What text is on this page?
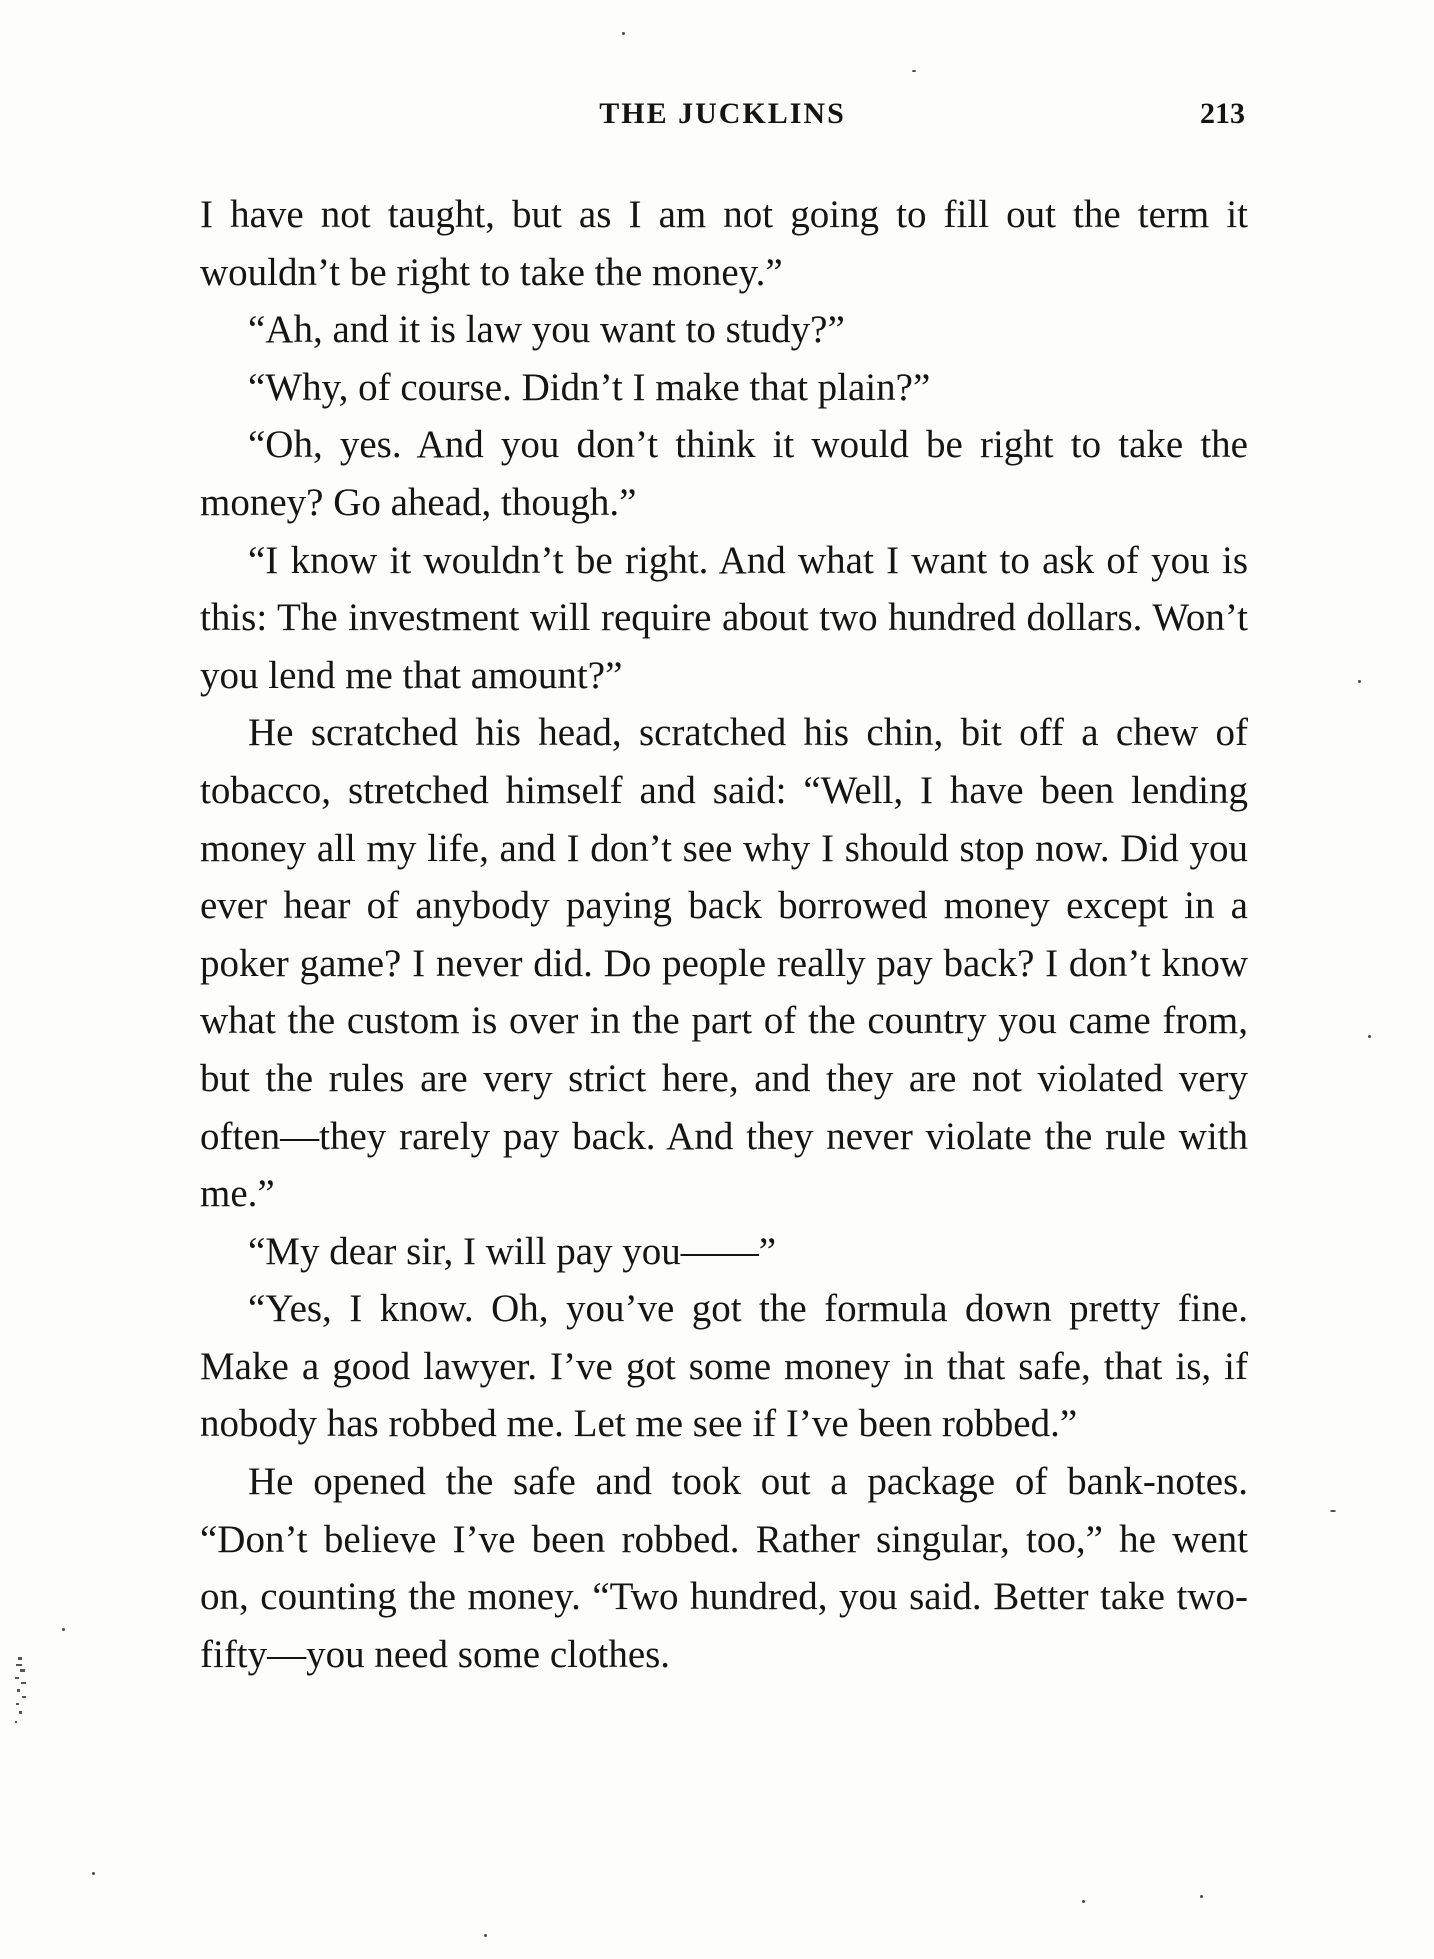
THE JUCKLINS	213

I have not taught, but as I am not going to fill out the term it wouldn’t be right to take the money.”

“Ah, and it is law you want to study?”

“Why, of course. Didn’t I make that plain?”

“Oh, yes. And you don’t think it would be right to take the money? Go ahead, though.”

“I know it wouldn’t be right. And what I want to ask of you is this: The investment will require about two hundred dollars. Won’t you lend me that amount?”

He scratched his head, scratched his chin, bit off a chew of tobacco, stretched himself and said: “Well, I have been lending money all my life, and I don’t see why I should stop now. Did you ever hear of anybody paying back borrowed money except in a poker game? I never did. Do people really pay back? I don’t know what the custom is over in the part of the country you came from, but the rules are very strict here, and they are not violated very often—they rarely pay back. And they never violate the rule with me.”

“My dear sir, I will pay you——”

“Yes, I know. Oh, you’ve got the formula down pretty fine. Make a good lawyer. I’ve got some money in that safe, that is, if nobody has robbed me. Let me see if I’ve been robbed.”

He opened the safe and took out a package of bank-notes. “Don’t believe I’ve been robbed. Rather singular, too,” he went on, counting the money. “Two hundred, you said. Better take two-fifty—you need some clothes.
